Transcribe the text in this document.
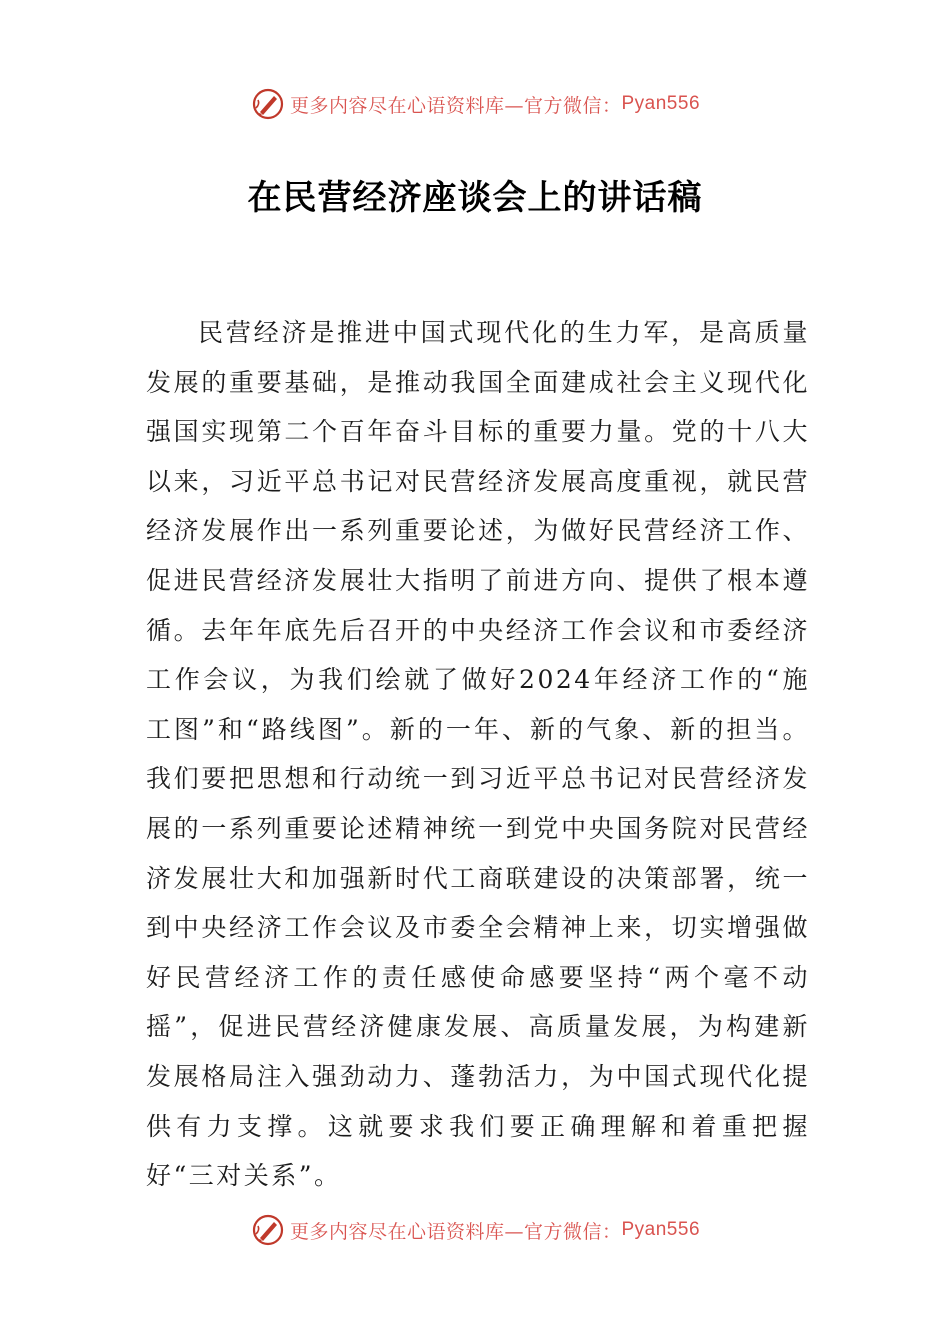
更多内容尽在心语资料库—官方微信： Pyan556
在民营经济座谈会上的讲话稿

民营经济是推进中国式现代化的生力军，是高质量发展的重要基础，是推动我国全面建成社会主义现代化强国实现第二个百年奋斗目标的重要力量。党的十八大以来，习近平总书记对民营经济发展高度重视，就民营经济发展作出一系列重要论述，为做好民营经济工作、促进民营经济发展壮大指明了前进方向、提供了根本遵循。去年年底先后召开的中央经济工作会议和市委经济工作会议，为我们绘就了做好2024年经济工作的“施工图”和“路线图”。新的一年、新的气象、新的担当。我们要把思想和行动统一到习近平总书记对民营经济发展的一系列重要论述精神统一到党中央国务院对民营经济发展壮大和加强新时代工商联建设的决策部署，统一到中央经济工作会议及市委全会精神上来，切实增强做好民营经济工作的责任感使命感要坚持“两个毫不动摇”，促进民营经济健康发展、高质量发展，为构建新发展格局注入强劲动力、蓬勃活力，为中国式现代化提供有力支撑。这就要求我们要正确理解和着重把握好“三对关系”。

更多内容尽在心语资料库—官方微信： Pyan556
